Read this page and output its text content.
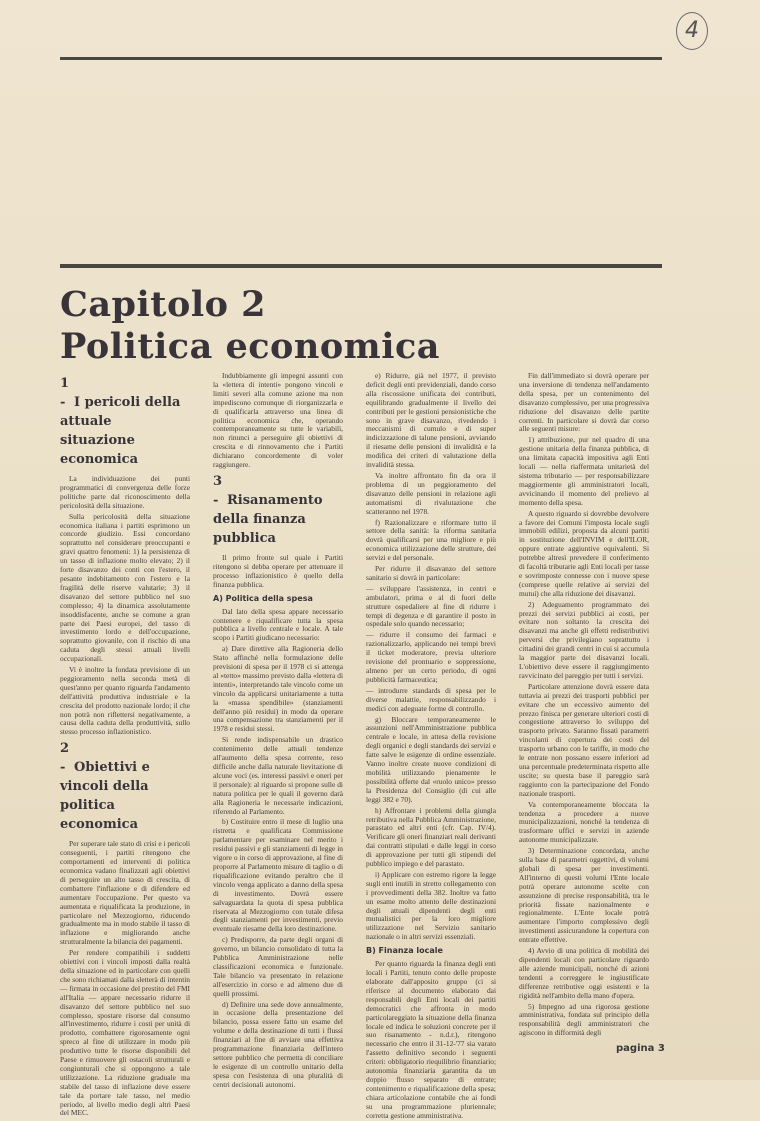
4
Capitolo 2
Politica economica
1 - I pericoli della attuale situazione economica

La individuazione dei punti programmatici di convergenza delle forze politiche parte dal riconoscimento della pericolosità della situazione.

Sulla pericolosità della situazione economica italiana i partiti esprimono un concorde giudizio. Essi concordano soprattutto nel considerare preoccupanti e gravi quattro fenomeni: 1) la persistenza di un tasso di inflazione molto elevato; 2) il forte disavanzo dei conti con l'estero, il pesante indebitamento con l'estero e la fragilità delle riserve valutarie; 3) il disavanzo del settore pubblico nel suo complesso; 4) la dinamica assolutamente insoddisfacente, anche se comune a gran parte dei Paesi europei, del tasso di investimento lordo e dell'occupazione, soprattutto giovanile, con il rischio di una caduta degli stessi attuali livelli occupazionali.

Vi è inoltre la fondata previsione di un peggioramento nella seconda metà di quest'anno per quanto riguarda l'andamento dell'attività produttiva industriale e la crescita del prodotto nazionale lordo; il che non potrà non riflettersi negativamente, a causa della caduta della produttività, sullo stesso processo inflazionistico.

2 - Obiettivi e vincoli della politica economica

Per superare tale stato di crisi e i pericoli conseguenti, i partiti ritengono che comportamenti ed interventi di politica economica vadano finalizzati agli obiettivi di perseguire un alto tasso di crescita, di combattere l'inflazione e di difendere ed aumentare l'occupazione. Per questo va aumentata e riqualificata la produzione, in particolare nel Mezzogiorno, riducendo gradualmente ma in modo stabile il tasso di inflazione e migliorando anche strutturalmente la bilancia dei pagamenti.

Per rendere compatibili i suddetti obiettivi con i vincoli imposti dalla realtà della situazione ed in particolare con quelli che sono richiamati dalla sletterà di intentin — firmata in occasione del prestito del FMI all'Italia — appare necessario ridurre il disavanzo del settore pubblico nel suo complesso, spostare risorse dal consumo all'investimento, ridurre i costi per unità di prodotto, combattere rigorosamente ogni spreco al fine di utilizzare in modo più produttivo tutte le risorse disponibili del Paese e rimuovere gli ostacoli strutturali e congiunturali che si oppongono a tale utilizzazione. La riduzione graduale ma stabile del tasso di inflazione deve essere tale da portare tale tasso, nel medio periodo, al livello medio degli altri Paesi del MEC.

Indubbiamente gli impegni assunti con la «lettera di intenti» pongono vincoli e limiti severi alla comune azione ma non impediscono comunque di riorganizzarla e di qualificarla attraverso una linea di politica economica che, operando contemporaneamente su tutte le variabili, non rinunci a perseguire gli obiettivi di crescita e di rinnovamento che i Partiti dichiarano concordemente di voler raggiungere.

3 - Risanamento della finanza pubblica

Il primo fronte sul quale i Partiti ritengono si debba operare per attenuare il processo inflazionistico è quello della finanza pubblica.

A) Politica della spesa

Dal lato della spesa appare necessario contenere e riqualificare tutta la spesa pubblica a livello centrale e locale. A tale scopo i Partiti giudicano necessario:

a) Dare direttive alla Ragioneria dello Stato affinché nella formulazione delle previsioni di spesa per il 1978 ci si attenga al «tetto» massimo previsto dalla «lettera di intenti», interpretando tale vincolo come un vincolo da applicarsi unitariamente a tutta la «massa spendibile» (stanziamenti dell'anno più residui) in modo da operare una compensazione tra stanziamenti per il 1978 e residui stessi.

Si rende indispensabile un drastico contenimento delle attuali tendenze all'aumento della spesa corrente, reso difficile anche dalla naturale lievitazione di alcune voci (es. interessi passivi e oneri per il personale): al riguardo si propone sulle di natura politica per le quali il governo darà alla Ragioneria le necessarie indicazioni, riferendo al Parlamento.

b) Costituire entro il mese di luglio una ristretta e qualificata Commissione parlamentare per esaminare nel merito i residui passivi e gli stanziamenti di legge in vigore o in corso di approvazione, al fine di proporre al Parlamento misure di taglio o di riqualificazione evitando peraltro che il vincolo venga applicato a danno della spesa di investimento. Dovrà essere salvaguardata la quota di spesa pubblica riservata al Mezzogiorno con tutale difesa degli stanziamenti per investimenti, previo eventuale riesame della loro destinazione.

c) Predisporre, da parte degli organi di governo, un bilancio consolidato di tutta la Pubblica Amministrazione nelle classificazioni economica e funzionale. Tale bilancio va presentato in relazione all'esercizio in corso e ad almeno due di quelli prossimi.

d) Definire una sede dove annualmente, in occasione della presentazione del bilancio, possa essere fatto un esame del volume e della destinazione di tutti i flussi finanziari al fine di avviare una effettiva programmazione finanziaria dell'intero settore pubblico che permetta di conciliare le esigenze di un controllo unitario della spesa con l'esistenza di una pluralità di centri decisionali autonomi.

e) Ridurre, già nel 1977, il previsto deficit degli enti previdenziali, dando corso alla riscossione unificata dei contributi, equilibrando gradualmente il livello dei contributi per le gestioni pensionistiche che sono in grave disavanzo, rivedendo i meccanismi di cumulo e di super indicizzazione di talune pensioni, avviando il riesame delle pensioni di invalidità e la modifica dei criteri di valutazione della invalidità stessa.

Va inoltre affrontato fin da ora il problema di un peggioramento del disavanzo delle pensioni in relazione agli automatismi di rivalutazione che scatteranno nel 1978.

f) Razionalizzare e riformare tutto il settore della sanità: la riforma sanitaria dovrà qualificarsi per una migliore e più economica utilizzazione delle strutture, dei servizi e del personale.

Per ridurre il disavanzo del settore sanitario si dovrà in particolare:

— sviluppare l'assistenza, in centri e ambulatori, prima e al di fuori delle strutture ospedaliere al fine di ridurre i tempi di degenza e di garantire il posto in ospedale solo quando necessario;

— ridurre il consumo dei farmaci e razionalizzarlo, applicando nei tempi brevi il ticket moderatore, previa ulteriore revisione del prontuario e soppressione, almeno per un certo periodo, di ogni pubblicità farmaceutica;

— introdurre standards di spesa per le diverse malattie, responsabilizzando i medici con adeguate forme di controllo.

g) Bloccare temporaneamente le assunzioni nell'Amministrazione pubblica centrale e locale, in attesa della revisione degli organici e degli standards dei servizi e fatte salve le esigenze di ordine essenziale. Vanno inoltre create nuove condizioni di mobilità utilizzando pienamente le possibilità offerte dal «ruolo unico» presso la Presidenza del Consiglio (di cui alle leggi 382 e 70).

h) Affrontare i problemi della giungla retributiva nella Pubblica Amministrazione, parastato ed altri enti (cfr. Cap. IV/4). Verificare gli oneri finanziari reali derivanti dai contratti stipulati e dalle leggi in corso di approvazione per tutti gli stipendi del pubblico impiego e del parastato.

i) Applicare con estremo rigore la legge sugli enti inutili in stretto collegamento con i provvedimenti della 382. Inoltre va fatto un esame molto attento delle destinazioni degli attuali dipendenti degli enti mutualistici per la loro migliore utilizzazione nel Servizio sanitario nazionale o in altri servizi essenziali.

B) Finanza locale

Per quanto riguarda la finanza degli enti locali i Partiti, tenuto conto delle proposte elaborate dall'apposito gruppo (ci si riferisce al documento elaborato dai responsabili degli Enti locali dei partiti democratici che affronta in modo particolareggiato la situazione della finanza locale ed indica le soluzioni concrete per il suo risanamento - n.d.r.), ritengono necessario che entro il 31-12-'77 sia varato l'assetto definitivo secondo i seguenti criteri: obbligatorio riequilibrio finanziario; autonomia finanziaria garantita da un doppio flusso separato di entrate; contenimento e riqualificazione della spesa; chiara articolazione contabile che ai fondi su una programmazione pluriennale; corretta gestione amministrativa.

Fin dall'immediato si dovrà operare per una inversione di tendenza nell'andamento della spesa, per un contenimento del disavanzo complessivo, per una progressiva riduzione del disavanzo delle partite correnti. In particolare si dovrà dar corso alle seguenti misure:

1) attribuzione, pur nel quadro di una gestione unitaria della finanza pubblica, di una limitata capacità impositiva agli Enti locali — nella riaffermata unitarietà del sistema tributario — per responsabilizzare maggiormente gli amministratori locali, avvicinando il momento del prelievo al momento della spesa.

A questo riguardo si dovrebbe devolvere a favore dei Comuni l'imposta locale sugli immobili edilizi, proposta da alcuni partiti in sostituzione dell'INVIM e dell'ILOR, oppure entrate aggiuntive equivalenti. Si potrebbe altresì prevedere il conferimento di facoltà tributarie agli Enti locali per tasse e sovrimposte connesse con i nuove spese (comprese quelle relative ai servizi del mutui) che alla riduzione dei disavanzi.

2) Adeguamento programmato dei prezzi dei servizi pubblici ai costi, per evitare non soltanto la crescita dei disavanzi ma anche gli effetti redistributivi perversi che privilegiano soprattutto i cittadini dei grandi centri in cui si accumula la maggior parte dei disavanzi locali. L'obiettivo deve essere il raggiungimento ravvicinato del pareggio per tutti i servizi.

Particolare attenzione dovrà essere data tuttavia ai prezzi dei trasporti pubblici per evitare che un eccessivo aumento del prezzo finisca per generare ulteriori costi di congestione attraverso lo sviluppo del trasporto privato. Saranno fissati parametri vincolanti di copertura dei costi del trasporto urbano con le tariffe, in modo che le entrate non possano essere inferiori ad una percentuale predeterminata rispetto alle uscite; su questa base il pareggio sarà raggiunto con la partecipazione del Fondo nazionale trasporti.

Va contemporaneamente bloccata la tendenza a procedere a nuove municipalizzazioni, nonché la tendenza di trasformare uffici e servizi in aziende autonome municipalizzate.

3) Determinazione concordata, anche sulla base di parametri oggettivi, di volumi globali di spesa per investimenti. All'interno di questi volumi l'Ente locale potrà operare autonome scelte con assunzione di precise responsabilità, tra le priorità fissate nazionalmente e regionalmente. L'Ente locale potrà aumentare l'importo complessivo degli investimenti assicurandone la copertura con entrate effettive.

4) Avvio di una politica di mobilità dei dipendenti locali con particolare riguardo alle aziende municipali, nonché di azioni tendenti a correggere le ingiustificate differenze retributive oggi esistenti e la rigidità nell'ambito della mano d'opera.

5) Impegno ad una rigorosa gestione amministrativa, fondata sul principio della responsabilità degli amministratori che agiscono in difformità degli

pagina 3
